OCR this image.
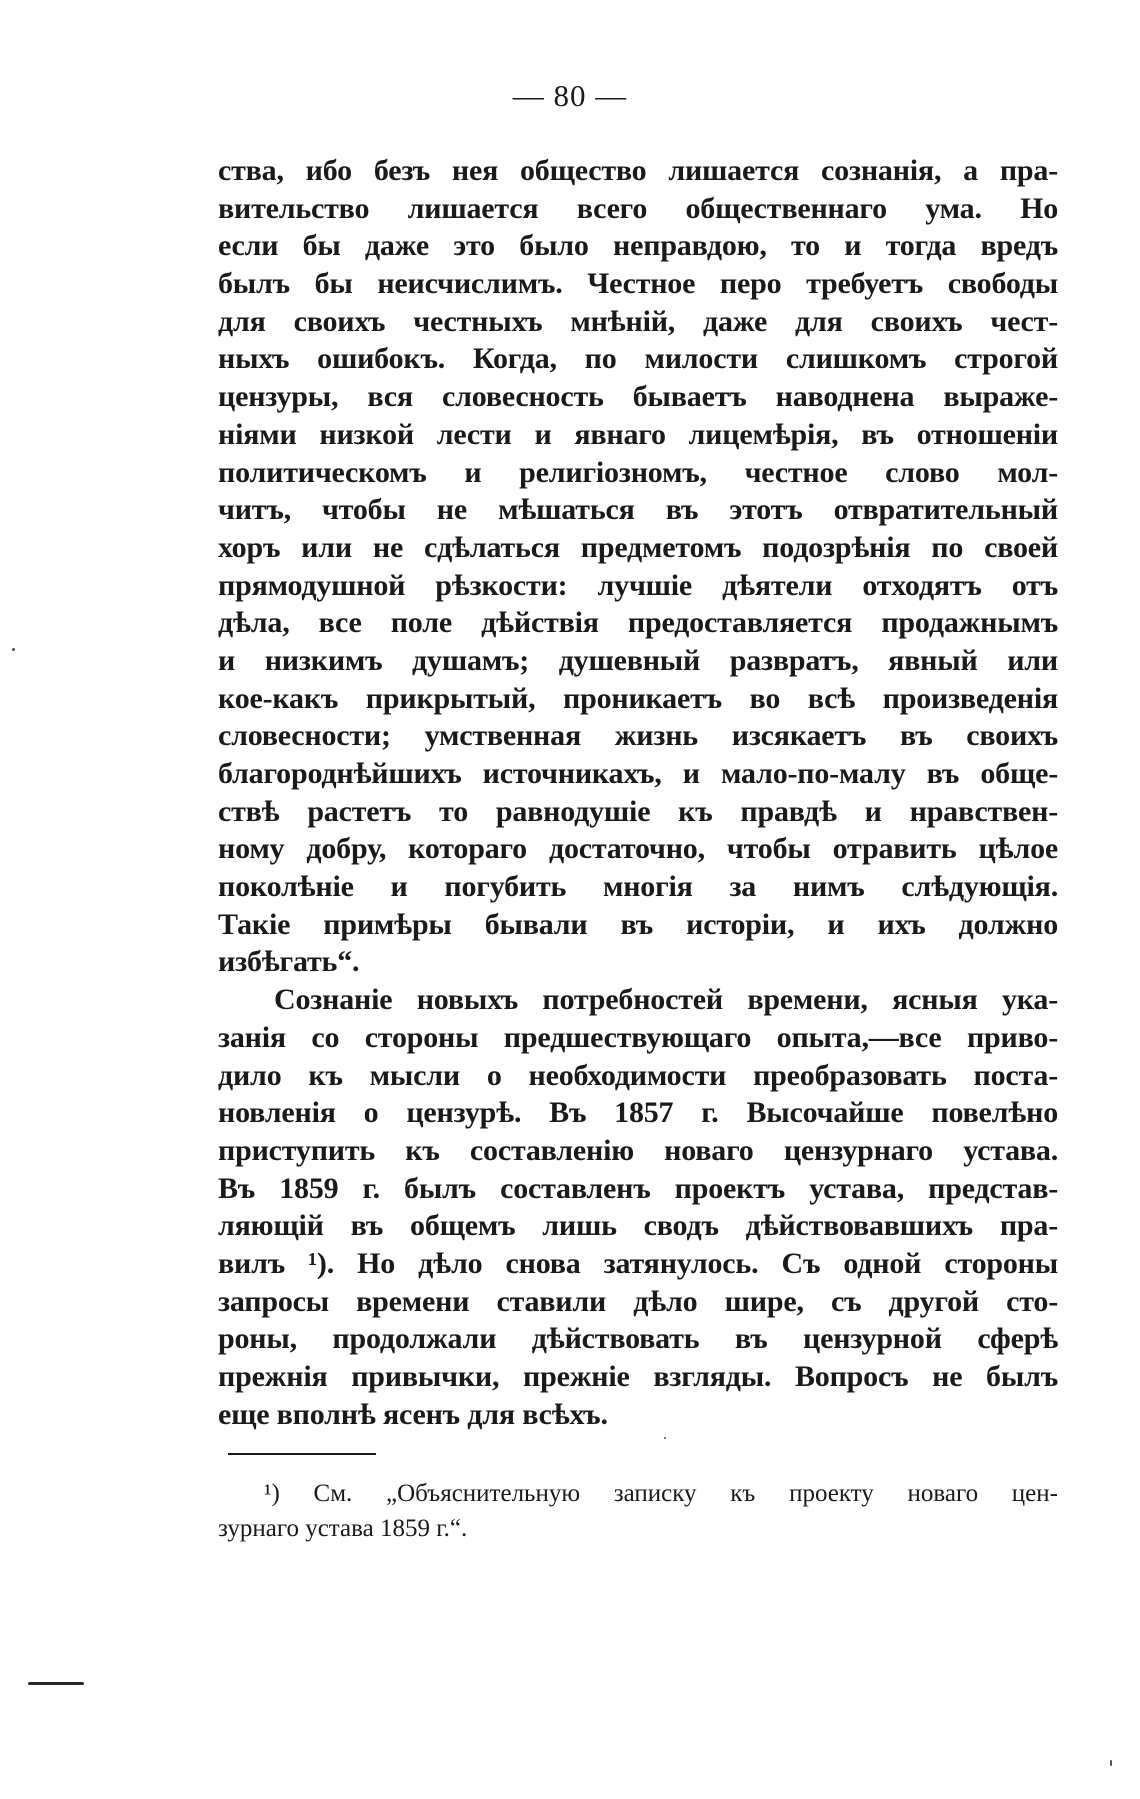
— 80 —
ства, ибо безъ нея общество лишается сознанія, а пра-
вительство лишается всего общественнаго ума. Но
если бы даже это было неправдою, то и тогда вредъ
былъ бы неисчислимъ. Честное перо требуетъ свободы
для своихъ честныхъ мнѣній, даже для своихъ чест-
ныхъ ошибокъ. Когда, по милости слишкомъ строгой
цензуры, вся словесность бываетъ наводнена выраже-
ніями низкой лести и явнаго лицемѣрія, въ отношеніи
политическомъ и религіозномъ, честное слово мол-
читъ, чтобы не мѣшаться въ этотъ отвратительный
хоръ или не сдѣлаться предметомъ подозрѣнія по своей
прямодушной рѣзкости: лучшіе дѣятели отходятъ отъ
дѣла, все поле дѣйствія предоставляется продажнымъ
и низкимъ душамъ; душевный развратъ, явный или
кое-какъ прикрытый, проникаетъ во всѣ произведенія
словесности; умственная жизнь изсякаетъ въ своихъ
благороднѣйшихъ источникахъ, и мало-по-малу въ обще-
ствѣ растетъ то равнодушіе къ правдѣ и нравствен-
ному добру, котораго достаточно, чтобы отравить цѣлое
поколѣніе и погубить многія за нимъ слѣдующія.
Такіе примѣры бывали въ исторіи, и ихъ должно
избѣгать“.
Сознаніе новыхъ потребностей времени, ясныя ука-
занія со стороны предшествующаго опыта,—все приво-
дило къ мысли о необходимости преобразовать поста-
новленія о цензурѣ. Въ 1857 г. Высочайше повелѣно
приступить къ составленію новаго цензурнаго устава.
Въ 1859 г. былъ составленъ проектъ устава, представ-
ляющій въ общемъ лишь сводъ дѣйствовавшихъ пра-
вилъ ¹). Но дѣло снова затянулось. Съ одной стороны
запросы времени ставили дѣло шире, съ другой сто-
роны, продолжали дѣйствовать въ цензурной сферѣ
прежнія привычки, прежніе взгляды. Вопросъ не былъ
еще вполнѣ ясенъ для всѣхъ.
¹) См. „Объяснительную записку къ проекту новаго цен-
зурнаго устава 1859 г.“.
